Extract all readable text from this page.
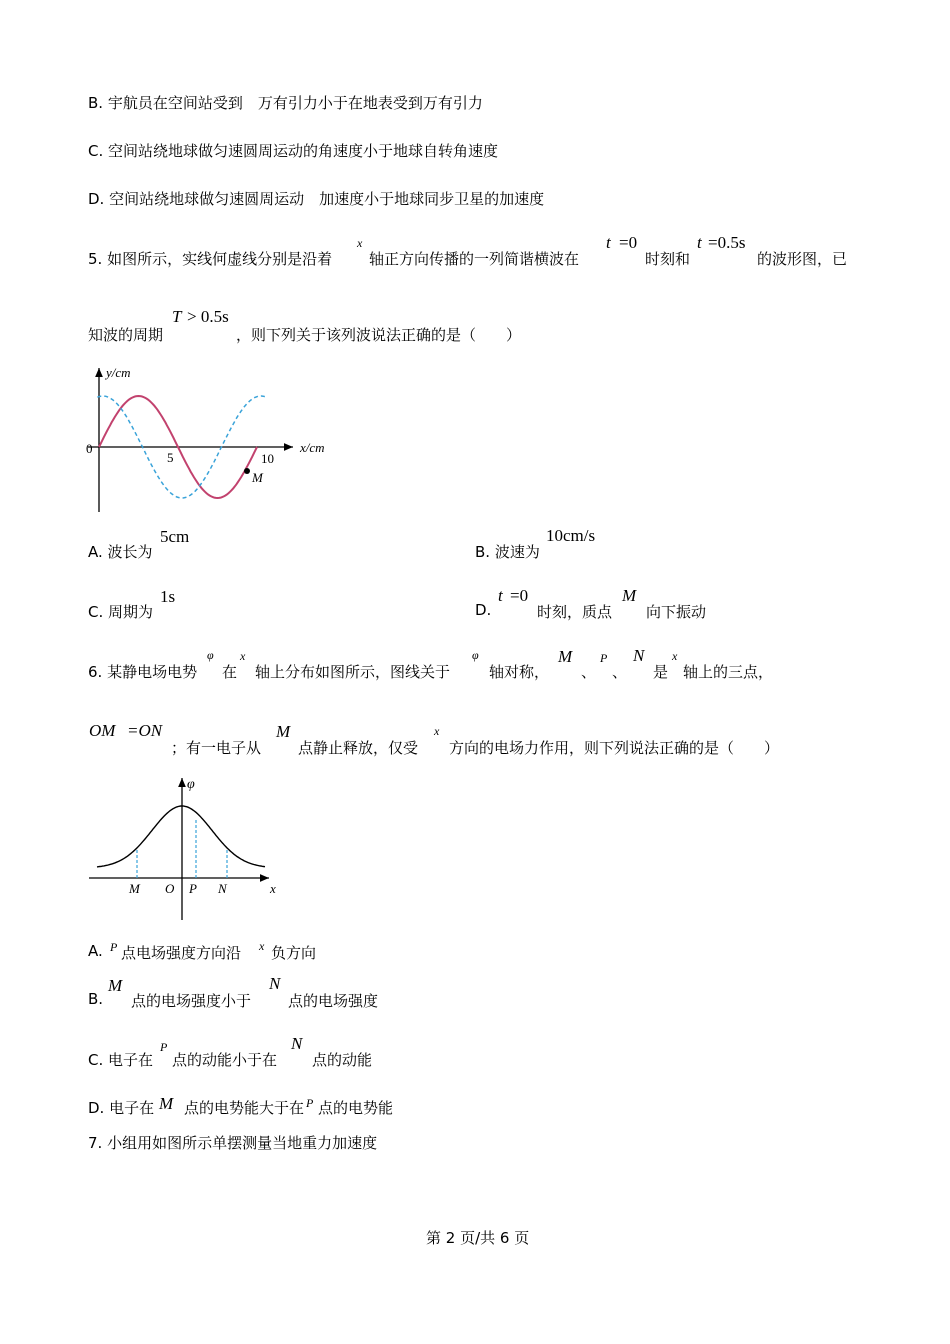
B. 宇航员在空间站受到　万有引力小于在地表受到万有引力
C. 空间站绕地球做匀速圆周运动的角速度小于地球自转角速度
D. 空间站绕地球做匀速圆周运动　加速度小于地球同步卫星的加速度
5. 如图所示，实线何虚线分别是沿着
x
轴正方向传播的一列简谐横波在
t =0
时刻和
t =0.5s
的波形图，已
知波的周期
T > 0.5s
，则下列关于该列波说法正确的是（　　）
y/cm
x/cm
0
5	10
M
A. 波长为
5cm
B. 波速为
10cm/s
C. 周期为
1s
D.
t =0
时刻，质点
M
向下振动
6. 某静电场电势
φ
在
x
轴上分布如图所示，图线关于
φ
轴对称，
M
、
P
、
N
是
x
轴上的三点，
OM =ON
；有一电子从
M
点静止释放，仅受
x
方向的电场力作用，则下列说法正确的是（　　）
φ
M O P N	x
A. P 点电场强度方向沿 x 负方向
B.
M
点的电场强度小于
N
点的电场强度
C. 电子在
P
点的动能小于在
N
点的动能
D. 电子在 M 点的电势能大于在 P 点的电势能
7. 小组用如图所示单摆测量当地重力加速度
第 2 页/共 6 页
